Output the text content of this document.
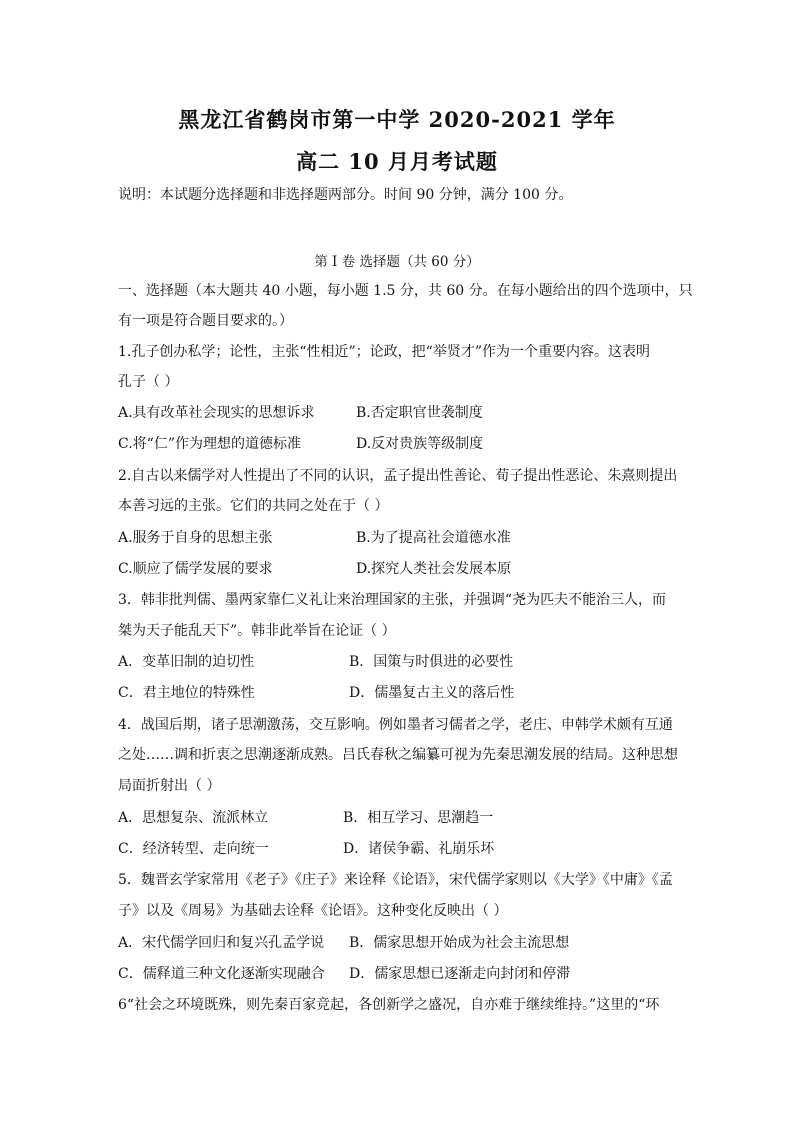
黑龙江省鹤岗市第一中学 2020-2021 学年
高二 10 月月考试题
说明：本试题分选择题和非选择题两部分。时间 90 分钟，满分 100 分。
第 I 卷 选择题（共 60 分）
一、选择题（本大题共 40 小题，每小题 1.5 分，共 60 分。在每小题给出的四个选项中，只
有一项是符合题目要求的。）
1.孔子创办私学；论性，主张“性相近”；论政，把“举贤才”作为一个重要内容。这表明
孔子（ ）
A.具有改革社会现实的思想诉求	B.否定职官世袭制度
C.将“仁”作为理想的道德标准	D.反对贵族等级制度
2.自古以来儒学对人性提出了不同的认识，孟子提出性善论、荀子提出性恶论、朱熹则提出
本善习远的主张。它们的共同之处在于（ ）
A.服务于自身的思想主张	B.为了提高社会道德水准
C.顺应了儒学发展的要求	D.探究人类社会发展本原
3．韩非批判儒、墨两家靠仁义礼让来治理国家的主张，并强调“尧为匹夫不能治三人，而
桀为天子能乱天下”。韩非此举旨在论证（ ）
A．变革旧制的迫切性	B．国策与时俱进的必要性
C．君主地位的特殊性	D．儒墨复古主义的落后性
4．战国后期，诸子思潮激荡，交互影响。例如墨者习儒者之学，老庄、申韩学术颇有互通
之处……调和折衷之思潮逐渐成熟。吕氏春秋之编纂可视为先秦思潮发展的结局。这种思想
局面折射出（ ）
A．思想复杂、流派林立	B．相互学习、思潮趋一
C．经济转型、走向统一	D．诸侯争霸、礼崩乐坏
5．魏晋玄学家常用《老子》《庄子》来诠释《论语》，宋代儒学家则以《大学》《中庸》《孟
子》以及《周易》为基础去诠释《论语》。这种变化反映出（ ）
A．宋代儒学回归和复兴孔孟学说 B．儒家思想开始成为社会主流思想
C．儒释道三种文化逐渐实现融合 D．儒家思想已逐渐走向封闭和停滞
6“社会之环境既殊，则先秦百家竞起，各创新学之盛况，自亦难于继续维持。”这里的“环
